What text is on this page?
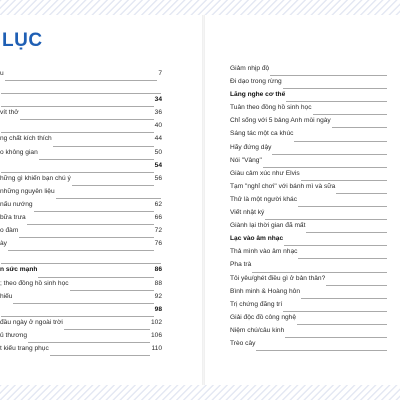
LỤC
u	7
34
vít thở	36
40
ng chất kích thích	44
o không gian	50
54
hững gì khiến bạn chú ý	56
những nguyên liệu
nấu nướng	62
bữa trưa	66
o đàm	72
ày	76
n sức mạnh	86
; theo đồng hồ sinh học	88
hiểu	92
98
đầu ngày ở ngoài trời	102
ủ thương	106
t kiểu trang phục	110
Giảm nhịp độ
Đi dạo trong rừng
Lắng nghe cơ thể
Tuân theo đồng hồ sinh học
Chỉ sống với 5 bảng Anh mỗi ngày
Sáng tác một ca khúc
Hãy đứng dậy
Nói "Vâng"
Giàu cảm xúc như Elvis
Tạm "nghỉ chơi" với bánh mì và sữa
Thử là một người khác
Viết nhật ký
Giành lại thời gian đã mất
Lạc vào âm nhạc
Thả mình vào âm nhạc
Pha trà
Tôi yêu/ghét điều gì ở bản thân?
Bình minh & Hoàng hôn
Trị chứng đãng trí
Giải độc đồ công nghệ
Niệm chú/câu kinh
Trèo cây
